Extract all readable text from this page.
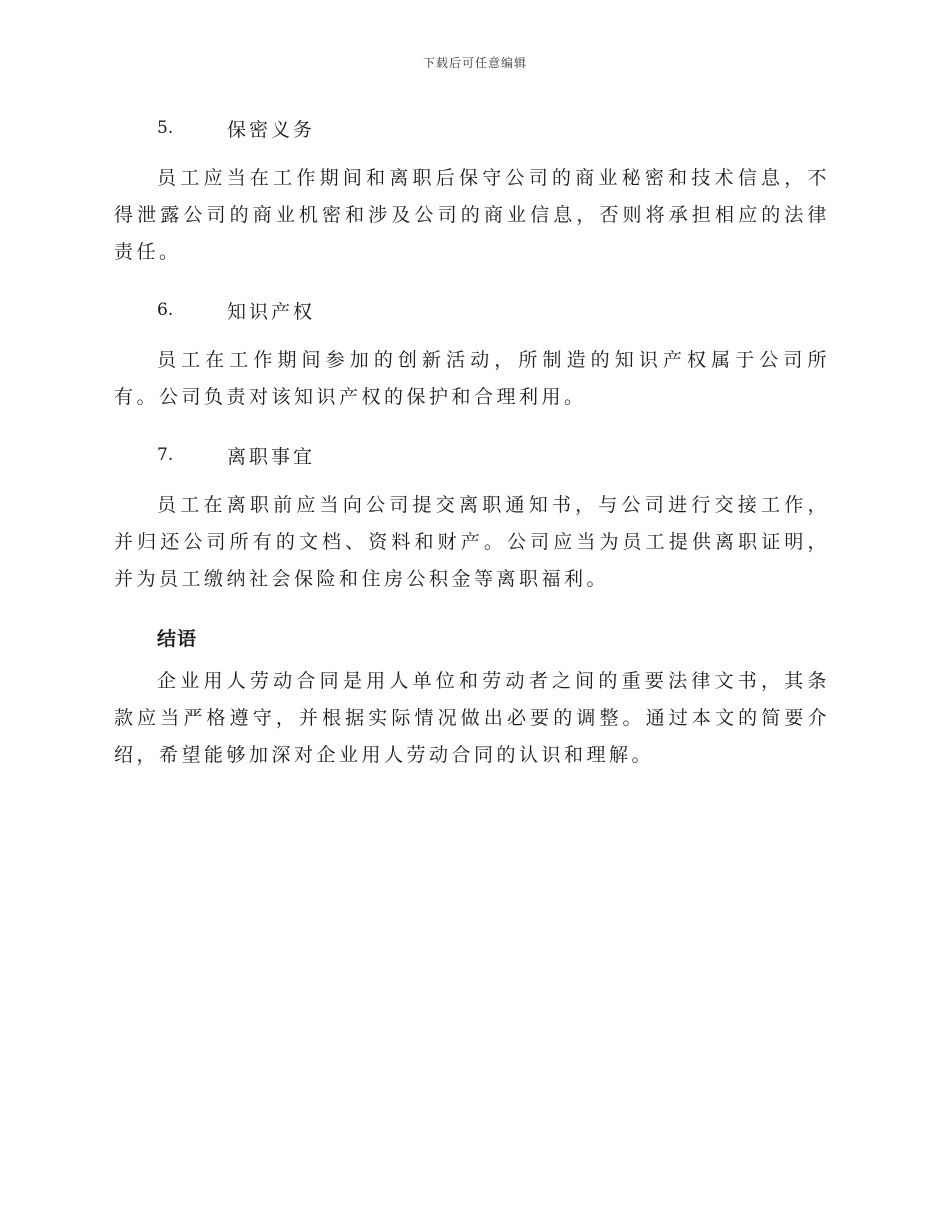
下载后可任意编辑
5.	保密义务

员工应当在工作期间和离职后保守公司的商业秘密和技术信息，不得泄露公司的商业机密和涉及公司的商业信息，否则将承担相应的法律责任。

6.	知识产权

员工在工作期间参加的创新活动，所制造的知识产权属于公司所有。公司负责对该知识产权的保护和合理利用。

7.	离职事宜

员工在离职前应当向公司提交离职通知书，与公司进行交接工作，并归还公司所有的文档、资料和财产。公司应当为员工提供离职证明，并为员工缴纳社会保险和住房公积金等离职福利。

结语

企业用人劳动合同是用人单位和劳动者之间的重要法律文书，其条款应当严格遵守，并根据实际情况做出必要的调整。通过本文的简要介绍，希望能够加深对企业用人劳动合同的认识和理解。
